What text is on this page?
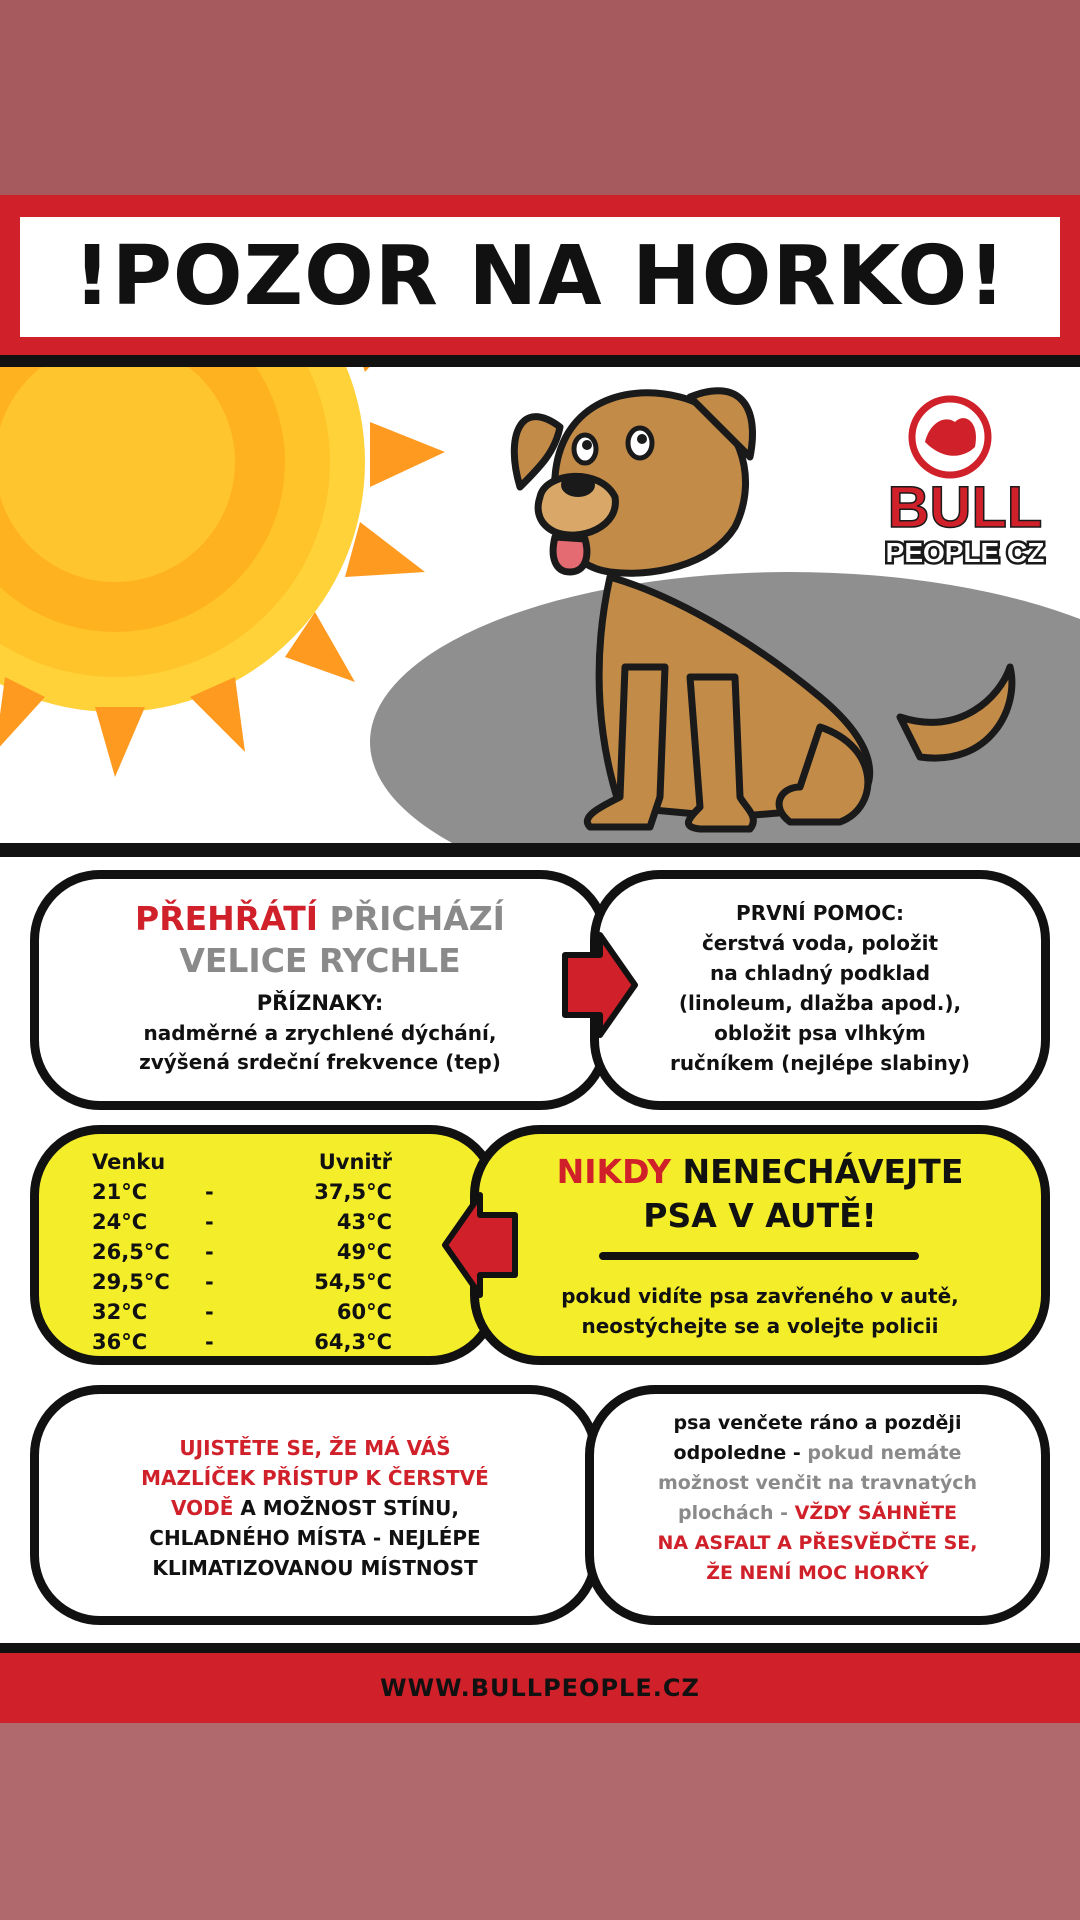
!POZOR NA HORKO!
BULL
PEOPLE CZ
PŘEHŘÁTÍ PŘICHÁZÍ
VELICE RYCHLE
PŘÍZNAKY:
nadměrné a zrychlené dýchání,
zvýšená srdeční frekvence (tep)
PRVNÍ POMOC:
čerstvá voda, položit
na chladný podklad
(linoleum, dlažba apod.),
obložit psa vlhkým
ručníkem (nejlépe slabiny)
NIKDY NENECHÁVEJTE
PSA V AUTĚ!
pokud vidíte psa zavřeného v autě,
neostýchejte se a volejte policii
Venku	Uvnitř
21°C	-	37,5°C
24°C	-	43°C
26,5°C -	49°C
29,5°C -	54,5°C
32°C	-	60°C
36°C	-	64,3°C
UJISTĚTE SE, ŽE MÁ VÁŠ
MAZLÍČEK PŘÍSTUP K ČERSTVÉ
VODĚ A MOŽNOST STÍNU,
CHLADNÉHO MÍSTA - NEJLÉPE
KLIMATIZOVANOU MÍSTNOST
psa venčete ráno a později
odpoledne - pokud nemáte
možnost venčit na travnatých
plochách - VŽDY SÁHNĚTE
NA ASFALT A PŘESVĚDČTE SE,
ŽE NENÍ MOC HORKÝ
WWW.BULLPEOPLE.CZ
